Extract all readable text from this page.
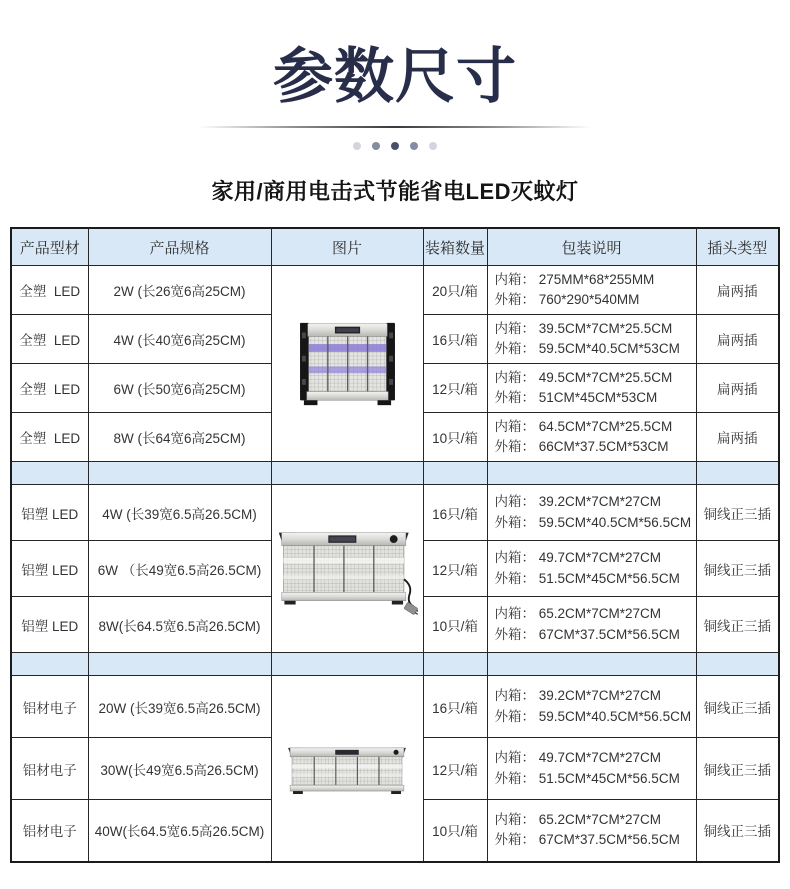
参数尺寸
家用/商用电击式节能省电LED灭蚊灯
产品型材	产品规格	图片	装箱数量	包装说明	插头类型
全塑  LED	2W (长26宽6高25CM)		20只/箱	内箱： 275MM*68*255MM
外箱： 760*290*540MM	扁两插
全塑  LED	4W (长40宽6高25CM)		16只/箱	内箱： 39.5CM*7CM*25.5CM
外箱： 59.5CM*40.5CM*53CM	扁两插
全塑  LED	6W (长50宽6高25CM)		12只/箱	内箱： 49.5CM*7CM*25.5CM
外箱： 51CM*45CM*53CM	扁两插
全塑  LED	8W (长64宽6高25CM)		10只/箱	内箱： 64.5CM*7CM*25.5CM
外箱： 66CM*37.5CM*53CM	扁两插

铝塑 LED	4W (长39宽6.5高26.5CM)		16只/箱	内箱： 39.2CM*7CM*27CM
外箱： 59.5CM*40.5CM*56.5CM	铜线正三插
铝塑 LED	6W （长49宽6.5高26.5CM)		12只/箱	内箱： 49.7CM*7CM*27CM
外箱： 51.5CM*45CM*56.5CM	铜线正三插
铝塑 LED	8W(长64.5宽6.5高26.5CM)		10只/箱	内箱： 65.2CM*7CM*27CM
外箱： 67CM*37.5CM*56.5CM	铜线正三插

铝材电子	20W (长39宽6.5高26.5CM)		16只/箱	内箱： 39.2CM*7CM*27CM
外箱： 59.5CM*40.5CM*56.5CM	铜线正三插
铝材电子	30W(长49宽6.5高26.5CM)		12只/箱	内箱： 49.7CM*7CM*27CM
外箱： 51.5CM*45CM*56.5CM	铜线正三插
铝材电子	40W(长64.5宽6.5高26.5CM)		10只/箱	内箱： 65.2CM*7CM*27CM
外箱： 67CM*37.5CM*56.5CM	铜线正三插
